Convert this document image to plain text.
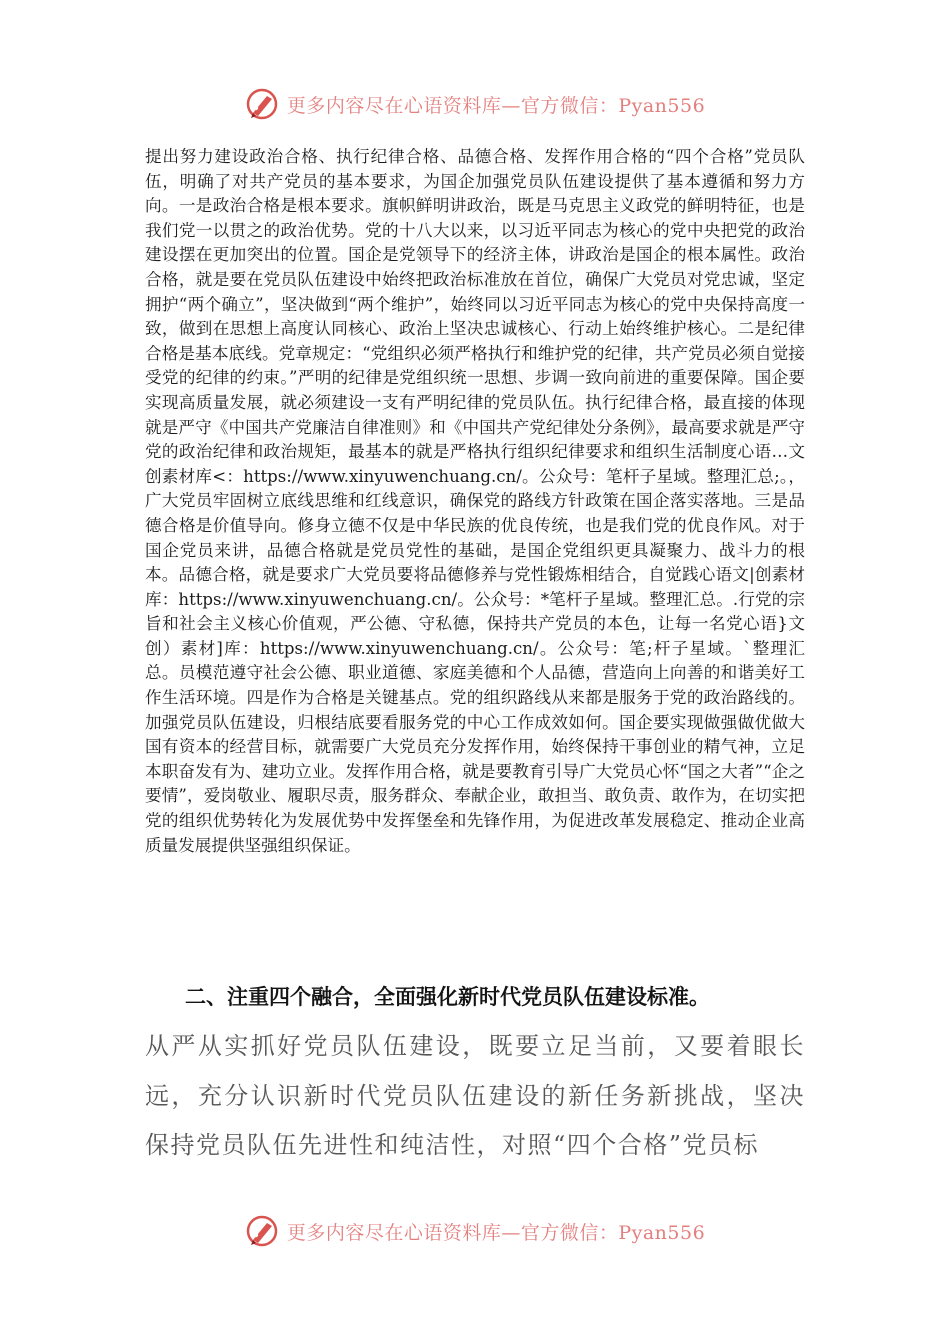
更多内容尽在心语资料库—官方微信：Pyan556

提出努力建设政治合格、执行纪律合格、品德合格、发挥作用合格的“四个合格”党员队伍，明确了对共产党员的基本要求，为国企加强党员队伍建设提供了基本遵循和努力方向。一是政治合格是根本要求。旗帜鲜明讲政治，既是马克思主义政党的鲜明特征，也是我们党一以贯之的政治优势。党的十八大以来，以习近平同志为核心的党中央把党的政治建设摆在更加突出的位置。国企是党领导下的经济主体，讲政治是国企的根本属性。政治合格，就是要在党员队伍建设中始终把政治标准放在首位，确保广大党员对党忠诚，坚定拥护“两个确立”，坚决做到“两个维护”，始终同以习近平同志为核心的党中央保持高度一致，做到在思想上高度认同核心、政治上坚决忠诚核心、行动上始终维护核心。二是纪律合格是基本底线。党章规定：“党组织必须严格执行和维护党的纪律，共产党员必须自觉接受党的纪律的约束。”严明的纪律是党组织统一思想、步调一致向前进的重要保障。国企要实现高质量发展，就必须建设一支有严明纪律的党员队伍。执行纪律合格，最直接的体现就是严守《中国共产党廉洁自律准则》和《中国共产党纪律处分条例》，最高要求就是严守党的政治纪律和政治规矩，最基本的就是严格执行组织纪律要求和组织生活制度心语…文创素材库<：https://www.xinyuwenchuang.cn/。公众号：笔杆子星域。整理汇总;。，广大党员牢固树立底线思维和红线意识，确保党的路线方针政策在国企落实落地。三是品德合格是价值导向。修身立德不仅是中华民族的优良传统，也是我们党的优良作风。对于国企党员来讲，品德合格就是党员党性的基础，是国企党组织更具凝聚力、战斗力的根本。品德合格，就是要求广大党员要将品德修养与党性锻炼相结合，自觉践心语文|创素材库：https://www.xinyuwenchuang.cn/。公众号：*笔杆子星域。整理汇总。.行党的宗旨和社会主义核心价值观，严公德、守私德，保持共产党员的本色，让每一名党心语}文创）素材]库：https://www.xinyuwenchuang.cn/。公众号：笔;杆子星域。`整理汇总。员模范遵守社会公德、职业道德、家庭美德和个人品德，营造向上向善的和谐美好工作生活环境。四是作为合格是关键基点。党的组织路线从来都是服务于党的政治路线的。加强党员队伍建设，归根结底要看服务党的中心工作成效如何。国企要实现做强做优做大国有资本的经营目标，就需要广大党员充分发挥作用，始终保持干事创业的精气神，立足本职奋发有为、建功立业。发挥作用合格，就是要教育引导广大党员心怀“国之大者”“企之要情”，爱岗敬业、履职尽责，服务群众、奉献企业，敢担当、敢负责、敢作为，在切实把党的组织优势转化为发展优势中发挥堡垒和先锋作用，为促进改革发展稳定、推动企业高质量发展提供坚强组织保证。

二、注重四个融合，全面强化新时代党员队伍建设标准。

从严从实抓好党员队伍建设，既要立足当前，又要着眼长远，充分认识新时代党员队伍建设的新任务新挑战，坚决保持党员队伍先进性和纯洁性，对照“四个合格”党员标

更多内容尽在心语资料库—官方微信：Pyan556
